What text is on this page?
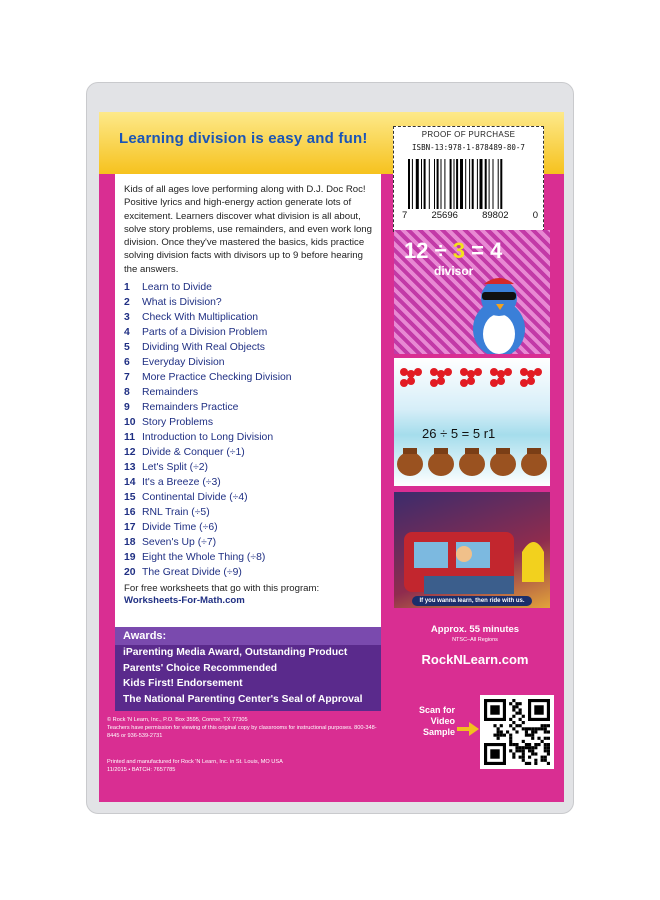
Learning division is easy and fun!	PROOF OF PURCHASE
ISBN-13:978-1-878489-80-7
7	25696	89802	0

Kids of all ages love performing along with D.J. Doc Roc! Positive lyrics and high-energy action generate lots of excitement. Learners discover what division is all about, solve story problems, use remainders, and even work long division. Once they've mastered the basics, kids practice solving division facts with divisors up to 9 before hearing the answers.

1	Learn to Divide
2	What is Division?
3	Check With Multiplication
4	Parts of a Division Problem
5	Dividing With Real Objects
6	Everyday Division
7	More Practice Checking Division
8	Remainders
9	Remainders Practice
10 Story Problems
11 Introduction to Long Division
12 Divide & Conquer (÷1)
13 Let's Split (÷2)
14 It's a Breeze (÷3)
15 Continental Divide (÷4)
16 RNL Train (÷5)
17 Divide Time (÷6)
18 Seven's Up (÷7)
19 Eight the Whole Thing (÷8)
20 The Great Divide (÷9)
For free worksheets that go with this program:
Worksheets-For-Math.com
Awards:
iParenting Media Award, Outstanding Product
Parents' Choice Recommended
Kids First! Endorsement
The National Parenting Center's Seal of Approval
© Rock 'N Learn, Inc., P.O. Box 3595, Conroe, TX 77305
Teachers have permission for viewing of this original copy by classrooms for instructional purposes. 800-348-8445 or 936-539-2731
Printed and manufactured for Rock 'N Learn, Inc. in St. Louis, MO USA
11/2015 • BATCH: 7657785
12 ÷ 3 = 4
divisor
26 ÷ 5 = 5 r1
If you wanna learn, then ride with us.
Approx. 55 minutes
NTSC–All Regions
RockNLearn.com
Scan for Video Sample
